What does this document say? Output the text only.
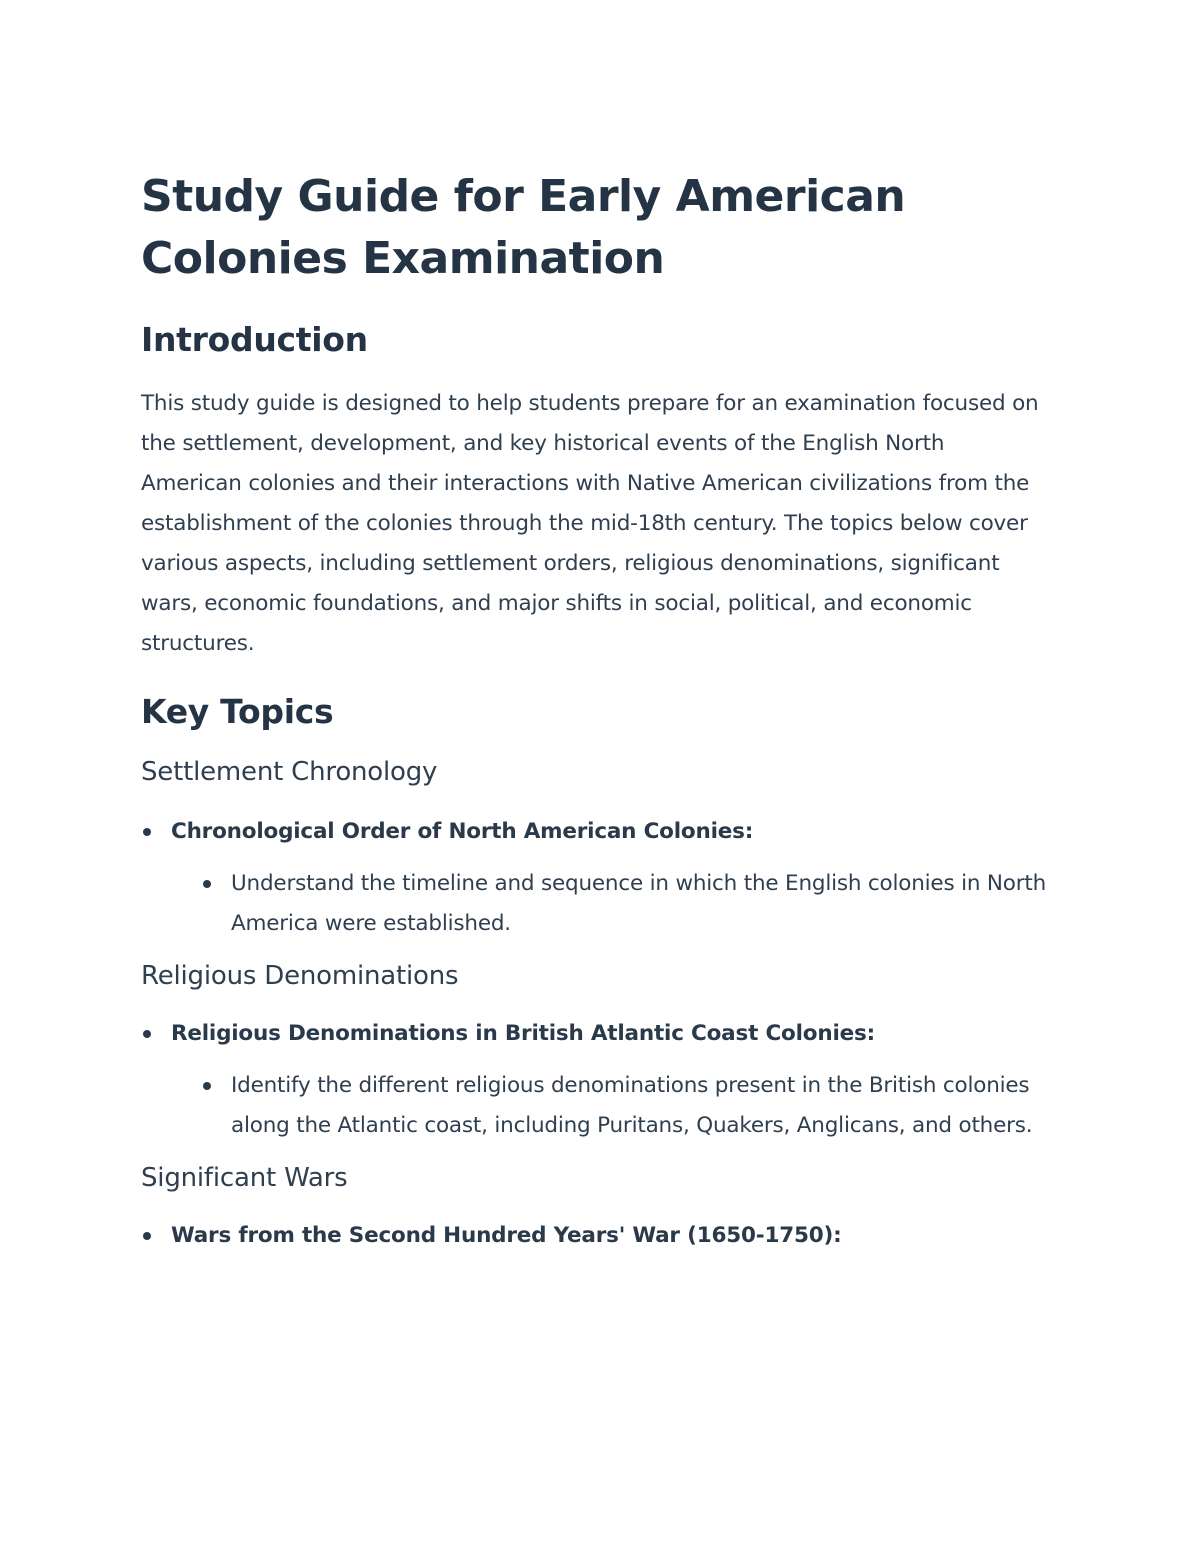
Study Guide for Early American Colonies Examination
Introduction

This study guide is designed to help students prepare for an examination focused on the settlement, development, and key historical events of the English North American colonies and their interactions with Native American civilizations from the establishment of the colonies through the mid-18th century. The topics below cover various aspects, including settlement orders, religious denominations, significant wars, economic foundations, and major shifts in social, political, and economic structures.

Key Topics
Settlement Chronology
Chronological Order of North American Colonies:
Understand the timeline and sequence in which the English colonies in North America were established.
Religious Denominations
Religious Denominations in British Atlantic Coast Colonies:
Identify the different religious denominations present in the British colonies along the Atlantic coast, including Puritans, Quakers, Anglicans, and others.
Significant Wars
Wars from the Second Hundred Years' War (1650-1750):
